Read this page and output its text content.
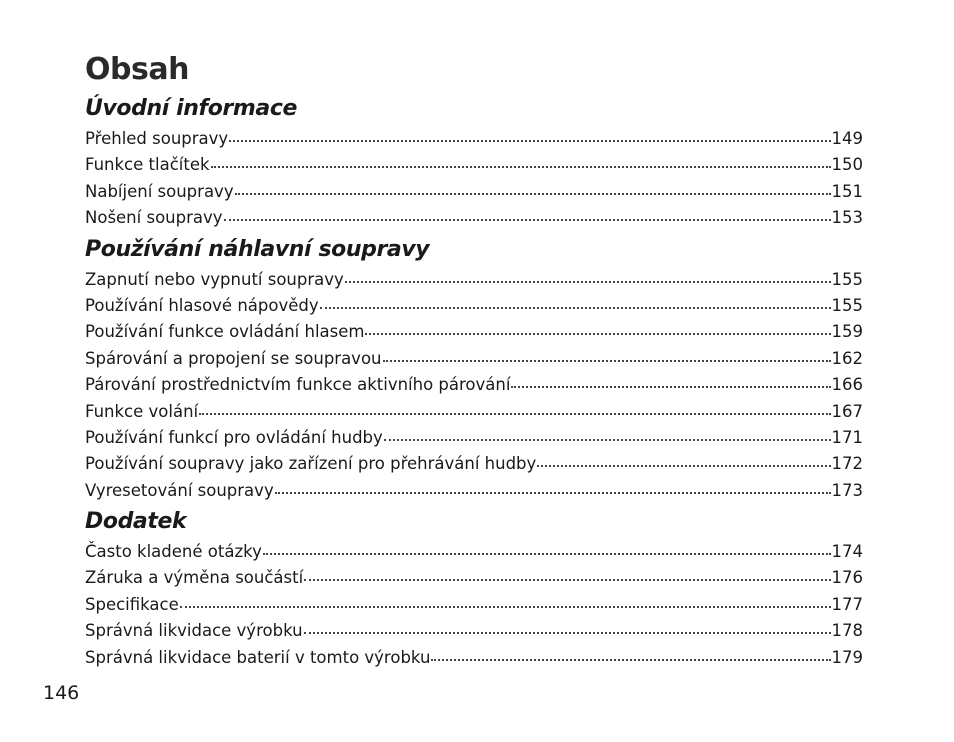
Obsah
Úvodní informace
Přehled soupravy	149
Funkce tlačítek	150
Nabíjení soupravy	151
Nošení soupravy	153
Používání náhlavní soupravy
Zapnutí nebo vypnutí soupravy	155
Používání hlasové nápovědy	155
Používání funkce ovládání hlasem	159
Spárování a propojení se soupravou	162
Párování prostřednictvím funkce aktivního párování	166
Funkce volání	167
Používání funkcí pro ovládání hudby	171
Používání soupravy jako zařízení pro přehrávání hudby	172
Vyresetování soupravy	173
Dodatek
Často kladené otázky	174
Záruka a výměna součástí	176
Specifikace	177
Správná likvidace výrobku	178
Správná likvidace baterií v tomto výrobku	179
146
